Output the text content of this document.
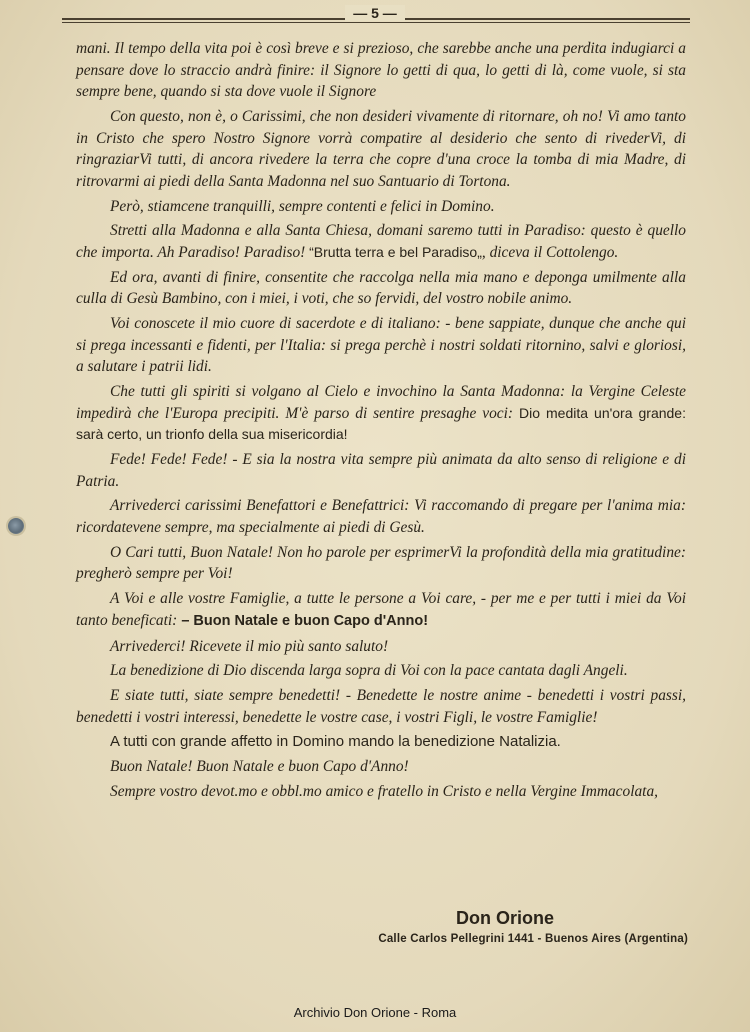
— 5 —

mani. Il tempo della vita poi è così breve e si prezioso, che sarebbe anche una perdita indugiarci a pensare dove lo straccio andrà finire: il Signore lo getti di qua, lo getti di là, come vuole, si sta sempre bene, quando si sta dove vuole il Signore

Con questo, non è, o Carissimi, che non desideri vivamente di ritornare, oh no! Vi amo tanto in Cristo che spero Nostro Signore vorrà compatire al desiderio che sento di rivederVi, di ringraziarVi tutti, di ancora rivedere la terra che copre d'una croce la tomba di mia Madre, di ritrovarmi ai piedi della Santa Madonna nel suo Santuario di Tortona.

Però, stiamcene tranquilli, sempre contenti e felici in Domino.

Stretti alla Madonna e alla Santa Chiesa, domani saremo tutti in Paradiso: questo è quello che importa. Ah Paradiso! Paradiso! “Brutta terra e bel Paradiso„, diceva il Cottolengo.

Ed ora, avanti di finire, consentite che raccolga nella mia mano e deponga umilmente alla culla di Gesù Bambino, con i miei, i voti, che so fervidi, del vostro nobile animo.

Voi conoscete il mio cuore di sacerdote e di italiano: - bene sappiate, dunque che anche qui si prega incessanti e fidenti, per l'Italia: si prega perchè i nostri soldati ritornino, salvi e gloriosi, a salutare i patrii lidi.

Che tutti gli spiriti si volgano al Cielo e invochino la Santa Madonna: la Vergine Celeste impedirà che l'Europa precipiti. M'è parso di sentire presaghe voci: Dio medita un'ora grande: sarà certo, un trionfo della sua misericordia!

Fede! Fede! Fede! - E sia la nostra vita sempre più animata da alto senso di religione e di Patria.

Arrivederci carissimi Benefattori e Benefattrici: Vi raccomando di pregare per l'anima mia: ricordatevene sempre, ma specialmente ai piedi di Gesù.

O Cari tutti, Buon Natale! Non ho parole per esprimerVi la profondità della mia gratitudine: pregherò sempre per Voi!

A Voi e alle vostre Famiglie, a tutte le persone a Voi care, - per me e per tutti i miei da Voi tanto beneficati: – Buon Natale e buon Capo d'Anno!

Arrivederci! Ricevete il mio più santo saluto!

La benedizione di Dio discenda larga sopra di Voi con la pace cantata dagli Angeli.

E siate tutti, siate sempre benedetti! - Benedette le nostre anime - benedetti i vostri passi, benedetti i vostri interessi, benedette le vostre case, i vostri Figli, le vostre Famiglie!

A tutti con grande affetto in Domino mando la benedizione Natalizia.

Buon Natale! Buon Natale e buon Capo d'Anno!

Sempre vostro devot.mo e obbl.mo amico e fratello in Cristo e nella Vergine Immacolata,

Don Orione
Calle Carlos Pellegrini 1441 - Buenos Aires (Argentina)
Archivio Don Orione - Roma
